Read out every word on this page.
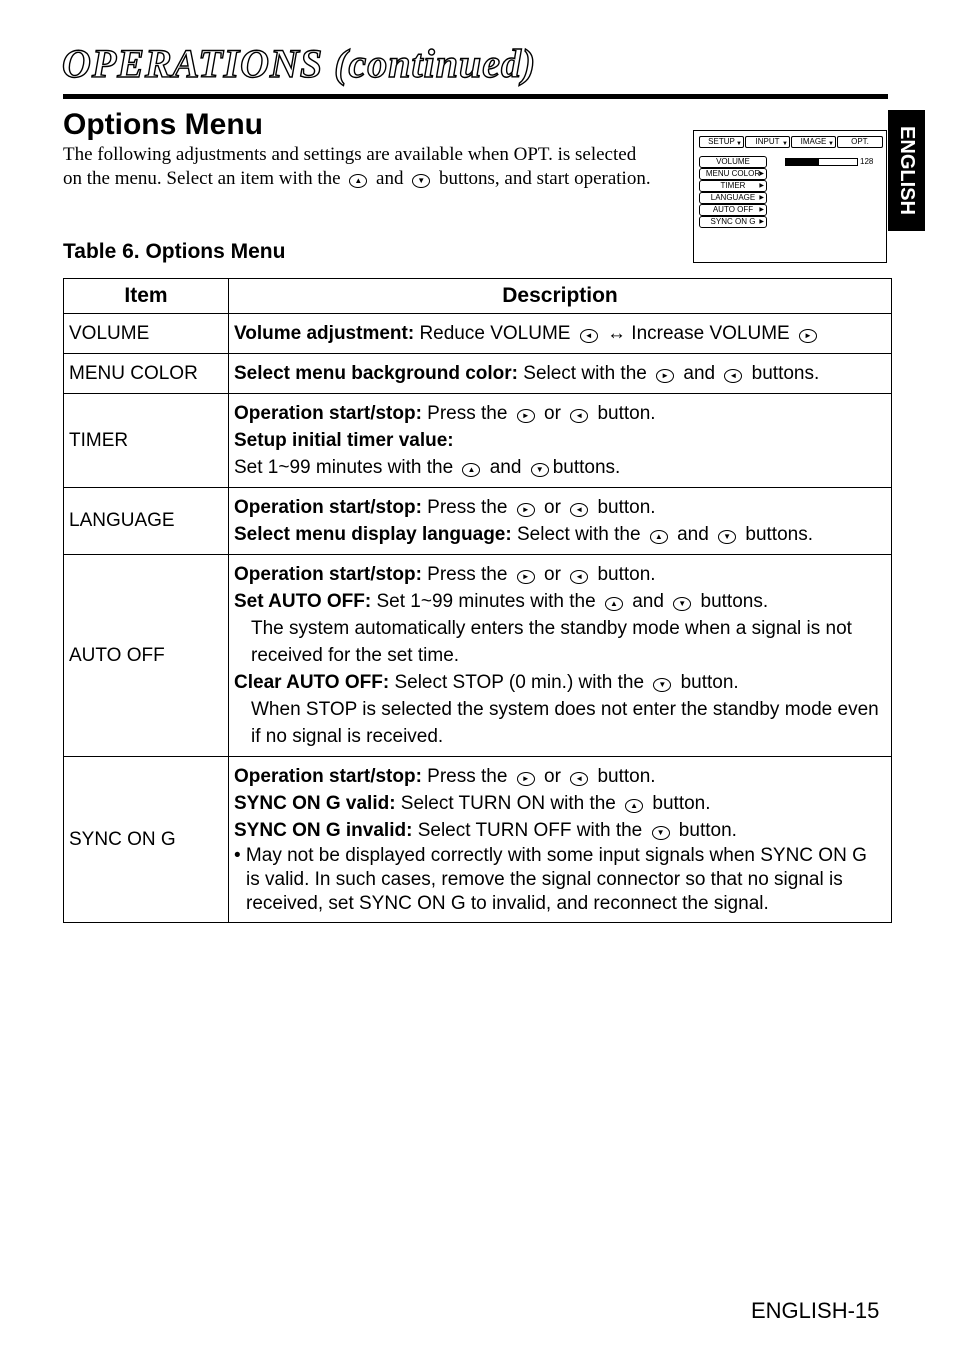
OPERATIONS (continued)
ENGLISH
Options Menu
The following adjustments and settings are available when OPT. is selected on the menu. Select an item with the ▲ and ▼ buttons, and start operation.
SETUP ▼	INPUT ▼	IMAGE ▼	OPT.
VOLUME
MENU COLOR ▶
TIMER ▶
LANGUAGE ▶
AUTO OFF ▶
SYNC ON G ▶
128
Table 6. Options Menu
Item	Description
VOLUME	Volume adjustment: Reduce VOLUME ◄ ↔ Increase VOLUME ►

MENU COLOR	Select menu background color: Select with the ► and ◄ buttons.

TIMER	Operation start/stop: Press the ► or ◄ button.
Setup initial timer value:
Set 1~99 minutes with the ▲ and ▼ buttons.

LANGUAGE	Operation start/stop: Press the ► or ◄ button.
Select menu display language: Select with the ▲ and ▼ buttons.

AUTO OFF	Operation start/stop: Press the ► or ◄ button.
Set AUTO OFF: Set 1~99 minutes with the ▲ and ▼ buttons.
The system automatically enters the standby mode when a signal is not received for the set time.
Clear AUTO OFF: Select STOP (0 min.) with the ▼ button.
When STOP is selected the system does not enter the standby mode even if no signal is received.

SYNC ON G	Operation start/stop: Press the ► or ◄ button.
SYNC ON G valid: Select TURN ON with the ▲ button.
SYNC ON G invalid: Select TURN OFF with the ▼ button.
• May not be displayed correctly with some input signals when SYNC ON G is valid. In such cases, remove the signal connector so that no signal is received, set SYNC ON G to invalid, and reconnect the signal.
ENGLISH-15
